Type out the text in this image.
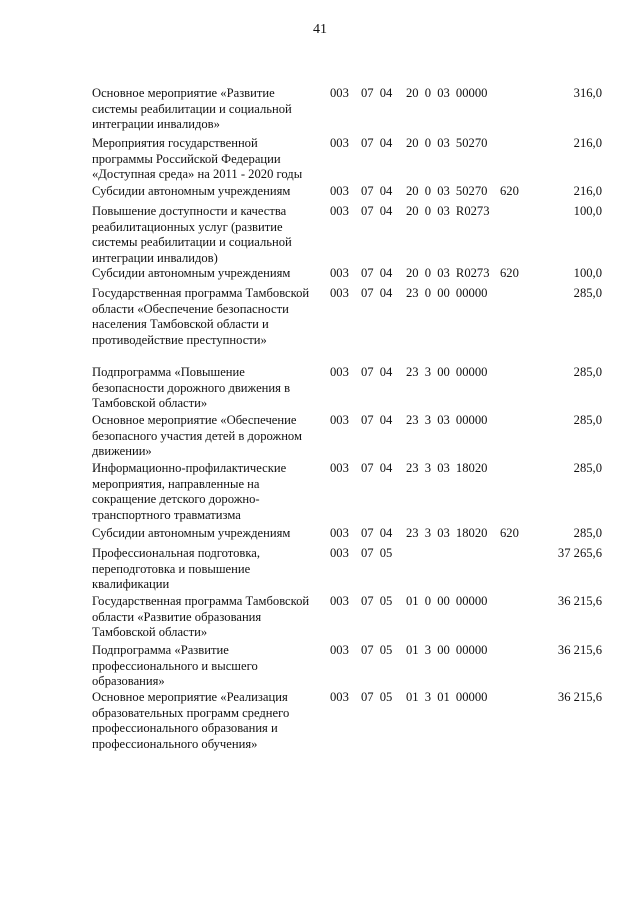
41
Основное мероприятие «Развитие системы реабилитации и социальной интеграции инвалидов»
003 07 04 20 0 03 00000	316,0
Мероприятия государственной программы Российской Федерации «Доступная среда» на 2011 - 2020 годы
003 07 04 20 0 03 50270	216,0
Субсидии автономным учреждениям	003 07 04 20 0 03 50270 620	216,0
Повышение доступности и качества реабилитационных услуг (развитие системы реабилитации и социальной интеграции инвалидов)
003 07 04 20 0 03 R0273	100,0
Субсидии автономным учреждениям	003 07 04 20 0 03 R0273 620	100,0
Государственная программа Тамбовской области «Обеспечение безопасности населения Тамбовской области и противодействие преступности»
003 07 04 23 0 00 00000	285,0
Подпрограмма «Повышение безопасности дорожного движения в Тамбовской области»
003 07 04 23 3 00 00000	285,0
Основное мероприятие «Обеспечение безопасного участия детей в дорожном движении»
003 07 04 23 3 03 00000	285,0
Информационно-профилактические мероприятия, направленные на сокращение детского дорожно-транспортного травматизма
003 07 04 23 3 03 18020	285,0
Субсидии автономным учреждениям	003 07 04 23 3 03 18020 620	285,0
Профессиональная подготовка, переподготовка и повышение квалификации
003 07 05	37 265,6
Государственная программа Тамбовской области «Развитие образования Тамбовской области»
003 07 05 01 0 00 00000	36 215,6
Подпрограмма «Развитие профессионального и высшего образования»
003 07 05 01 3 00 00000	36 215,6
Основное мероприятие «Реализация образовательных программ среднего профессионального образования и профессионального обучения»
003 07 05 01 3 01 00000	36 215,6
